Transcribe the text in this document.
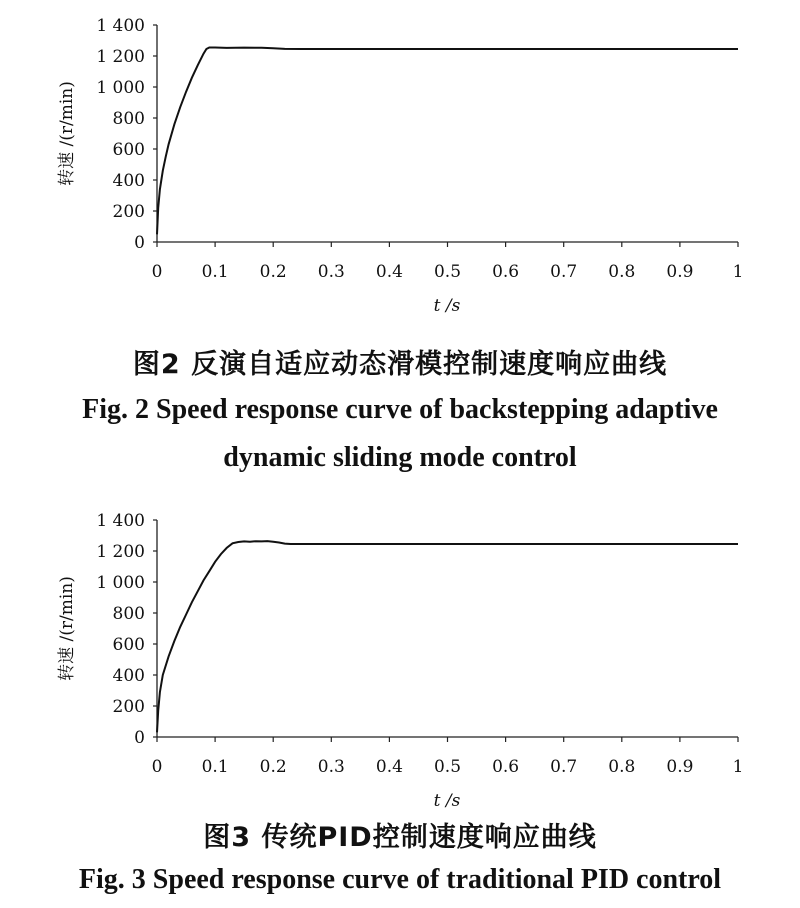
0
200
400
600
800
1 000
1 200
1 400
0 0.1 0.2 0.3 0.4 0.5 0.6 0.7 0.8 0.9 1
t /s
转速 /(r/min)
图2 反演自适应动态滑模控制速度响应曲线
Fig. 2 Speed response curve of backstepping adaptive
dynamic sliding mode control
0
200
400
600
800
1 000
1 200
1 400
0 0.1 0.2 0.3 0.4 0.5 0.6 0.7 0.8 0.9 1
t /s
转速 /(r/min)
图3 传统PID控制速度响应曲线
Fig. 3 Speed response curve of traditional PID control
